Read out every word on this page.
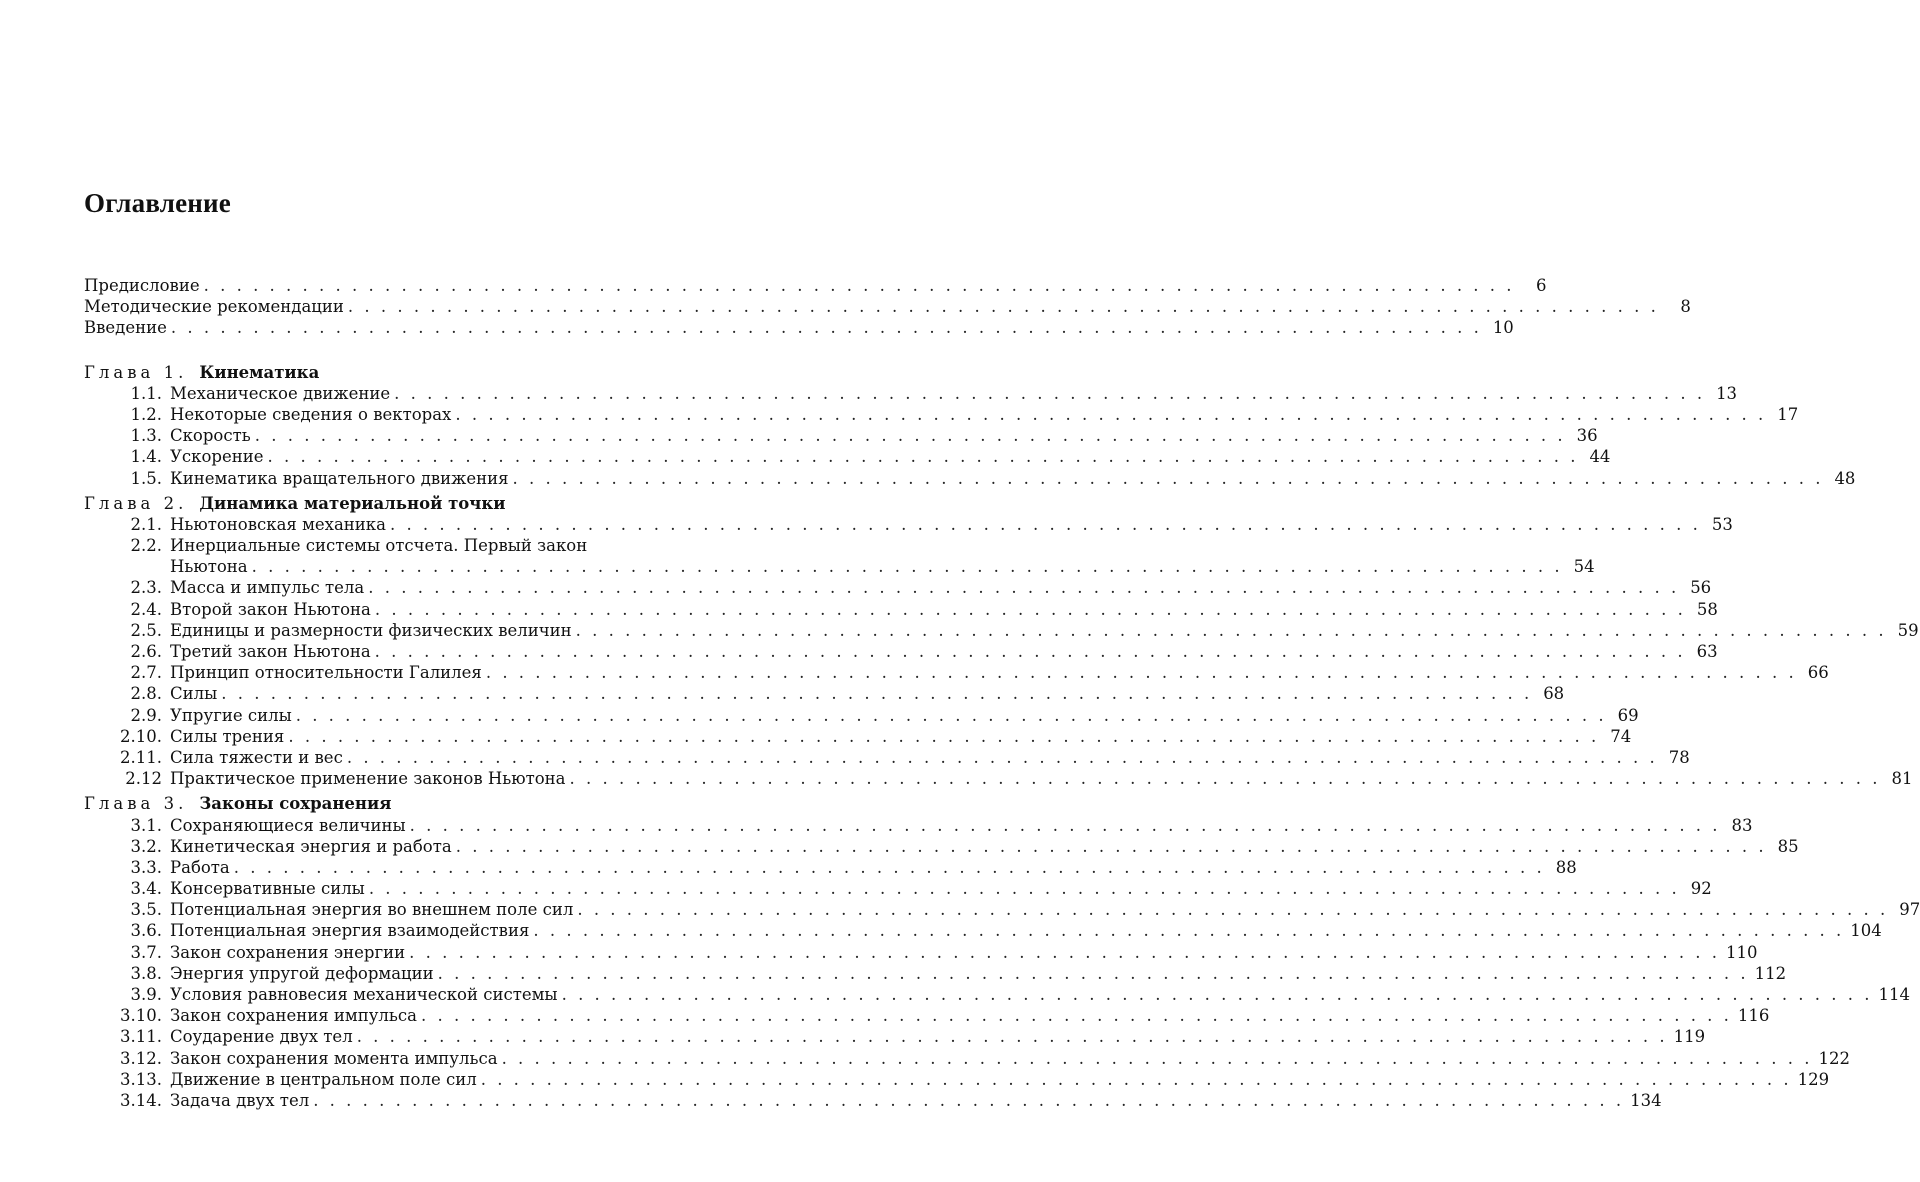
Оглавление
Предисловие . . . . . . . . . . . . . . . . . . . . . . . . . . . . . . . . . . . . . . . . . . . . . . . . . . . . . . . . . . . . . . . . . . . . . . . . . . . . . . . .	6
Методические рекомендации . . . . . . . . . . . . . . . . . . . . . . . . . . . . . . . . . . . . . . . . . . . . . . . . . . . . . . . . . . . . . . . . . . . . . . . . . . . . . . . .	8
Введение . . . . . . . . . . . . . . . . . . . . . . . . . . . . . . . . . . . . . . . . . . . . . . . . . . . . . . . . . . . . . . . . . . . . . . . . . . . . . . . . 10
Глава 1. Кинематика
1.1. Механическое движение . . . . . . . . . . . . . . . . . . . . . . . . . . . . . . . . . . . . . . . . . . . . . . . . . . . . . . . . . . . . . . . . . . . . . . . . . . . . . . . . 13
1.2. Некоторые сведения о векторах . . . . . . . . . . . . . . . . . . . . . . . . . . . . . . . . . . . . . . . . . . . . . . . . . . . . . . . . . . . . . . . . . . . . . . . . . . . . . . . . 17
1.3. Скорость . . . . . . . . . . . . . . . . . . . . . . . . . . . . . . . . . . . . . . . . . . . . . . . . . . . . . . . . . . . . . . . . . . . . . . . . . . . . . . . . 36
1.4. Ускорение . . . . . . . . . . . . . . . . . . . . . . . . . . . . . . . . . . . . . . . . . . . . . . . . . . . . . . . . . . . . . . . . . . . . . . . . . . . . . . . . 44
1.5. Кинематика вращательного движения . . . . . . . . . . . . . . . . . . . . . . . . . . . . . . . . . . . . . . . . . . . . . . . . . . . . . . . . . . . . . . . . . . . . . . . . . . . . . . . . 48
Глава 2. Динамика материальной точки
2.1. Ньютоновская механика . . . . . . . . . . . . . . . . . . . . . . . . . . . . . . . . . . . . . . . . . . . . . . . . . . . . . . . . . . . . . . . . . . . . . . . . . . . . . . . . 53
2.2. Инерциальные системы отсчета. Первый закон
Ньютона . . . . . . . . . . . . . . . . . . . . . . . . . . . . . . . . . . . . . . . . . . . . . . . . . . . . . . . . . . . . . . . . . . . . . . . . . . . . . . . . 54
2.3. Масса и импульс тела . . . . . . . . . . . . . . . . . . . . . . . . . . . . . . . . . . . . . . . . . . . . . . . . . . . . . . . . . . . . . . . . . . . . . . . . . . . . . . . . 56
2.4. Второй закон Ньютона . . . . . . . . . . . . . . . . . . . . . . . . . . . . . . . . . . . . . . . . . . . . . . . . . . . . . . . . . . . . . . . . . . . . . . . . . . . . . . . . 58
2.5. Единицы и размерности физических величин . . . . . . . . . . . . . . . . . . . . . . . . . . . . . . . . . . . . . . . . . . . . . . . . . . . . . . . . . . . . . . . . . . . . . . . . . . . . . . . . 59
2.6. Третий закон Ньютона . . . . . . . . . . . . . . . . . . . . . . . . . . . . . . . . . . . . . . . . . . . . . . . . . . . . . . . . . . . . . . . . . . . . . . . . . . . . . . . . 63
2.7. Принцип относительности Галилея . . . . . . . . . . . . . . . . . . . . . . . . . . . . . . . . . . . . . . . . . . . . . . . . . . . . . . . . . . . . . . . . . . . . . . . . . . . . . . . . 66
2.8. Силы . . . . . . . . . . . . . . . . . . . . . . . . . . . . . . . . . . . . . . . . . . . . . . . . . . . . . . . . . . . . . . . . . . . . . . . . . . . . . . . . 68
2.9. Упругие силы . . . . . . . . . . . . . . . . . . . . . . . . . . . . . . . . . . . . . . . . . . . . . . . . . . . . . . . . . . . . . . . . . . . . . . . . . . . . . . . . 69
2.10. Силы трения . . . . . . . . . . . . . . . . . . . . . . . . . . . . . . . . . . . . . . . . . . . . . . . . . . . . . . . . . . . . . . . . . . . . . . . . . . . . . . . . 74
2.11. Сила тяжести и вес . . . . . . . . . . . . . . . . . . . . . . . . . . . . . . . . . . . . . . . . . . . . . . . . . . . . . . . . . . . . . . . . . . . . . . . . . . . . . . . . 78
2.12 Практическое применение законов Ньютона . . . . . . . . . . . . . . . . . . . . . . . . . . . . . . . . . . . . . . . . . . . . . . . . . . . . . . . . . . . . . . . . . . . . . . . . . . . . . . . . 81
Глава 3. Законы сохранения
3.1. Сохраняющиеся величины . . . . . . . . . . . . . . . . . . . . . . . . . . . . . . . . . . . . . . . . . . . . . . . . . . . . . . . . . . . . . . . . . . . . . . . . . . . . . . . . 83
3.2. Кинетическая энергия и работа . . . . . . . . . . . . . . . . . . . . . . . . . . . . . . . . . . . . . . . . . . . . . . . . . . . . . . . . . . . . . . . . . . . . . . . . . . . . . . . . 85
3.3. Работа . . . . . . . . . . . . . . . . . . . . . . . . . . . . . . . . . . . . . . . . . . . . . . . . . . . . . . . . . . . . . . . . . . . . . . . . . . . . . . . . 88
3.4. Консервативные силы . . . . . . . . . . . . . . . . . . . . . . . . . . . . . . . . . . . . . . . . . . . . . . . . . . . . . . . . . . . . . . . . . . . . . . . . . . . . . . . . 92
3.5. Потенциальная энергия во внешнем поле сил . . . . . . . . . . . . . . . . . . . . . . . . . . . . . . . . . . . . . . . . . . . . . . . . . . . . . . . . . . . . . . . . . . . . . . . . . . . . . . . . 97
3.6. Потенциальная энергия взаимодействия . . . . . . . . . . . . . . . . . . . . . . . . . . . . . . . . . . . . . . . . . . . . . . . . . . . . . . . . . . . . . . . . . . . . . . . . . . . . . . . . 104
3.7. Закон сохранения энергии . . . . . . . . . . . . . . . . . . . . . . . . . . . . . . . . . . . . . . . . . . . . . . . . . . . . . . . . . . . . . . . . . . . . . . . . . . . . . . . . 110
3.8. Энергия упругой деформации . . . . . . . . . . . . . . . . . . . . . . . . . . . . . . . . . . . . . . . . . . . . . . . . . . . . . . . . . . . . . . . . . . . . . . . . . . . . . . . . 112
3.9. Условия равновесия механической системы . . . . . . . . . . . . . . . . . . . . . . . . . . . . . . . . . . . . . . . . . . . . . . . . . . . . . . . . . . . . . . . . . . . . . . . . . . . . . . . . 114
3.10. Закон сохранения импульса . . . . . . . . . . . . . . . . . . . . . . . . . . . . . . . . . . . . . . . . . . . . . . . . . . . . . . . . . . . . . . . . . . . . . . . . . . . . . . . . 116
3.11. Соударение двух тел . . . . . . . . . . . . . . . . . . . . . . . . . . . . . . . . . . . . . . . . . . . . . . . . . . . . . . . . . . . . . . . . . . . . . . . . . . . . . . . . 119
3.12. Закон сохранения момента импульса . . . . . . . . . . . . . . . . . . . . . . . . . . . . . . . . . . . . . . . . . . . . . . . . . . . . . . . . . . . . . . . . . . . . . . . . . . . . . . . . 122
3.13. Движение в центральном поле сил . . . . . . . . . . . . . . . . . . . . . . . . . . . . . . . . . . . . . . . . . . . . . . . . . . . . . . . . . . . . . . . . . . . . . . . . . . . . . . . . 129
3.14. Задача двух тел . . . . . . . . . . . . . . . . . . . . . . . . . . . . . . . . . . . . . . . . . . . . . . . . . . . . . . . . . . . . . . . . . . . . . . . . . . . . . . . . 134
